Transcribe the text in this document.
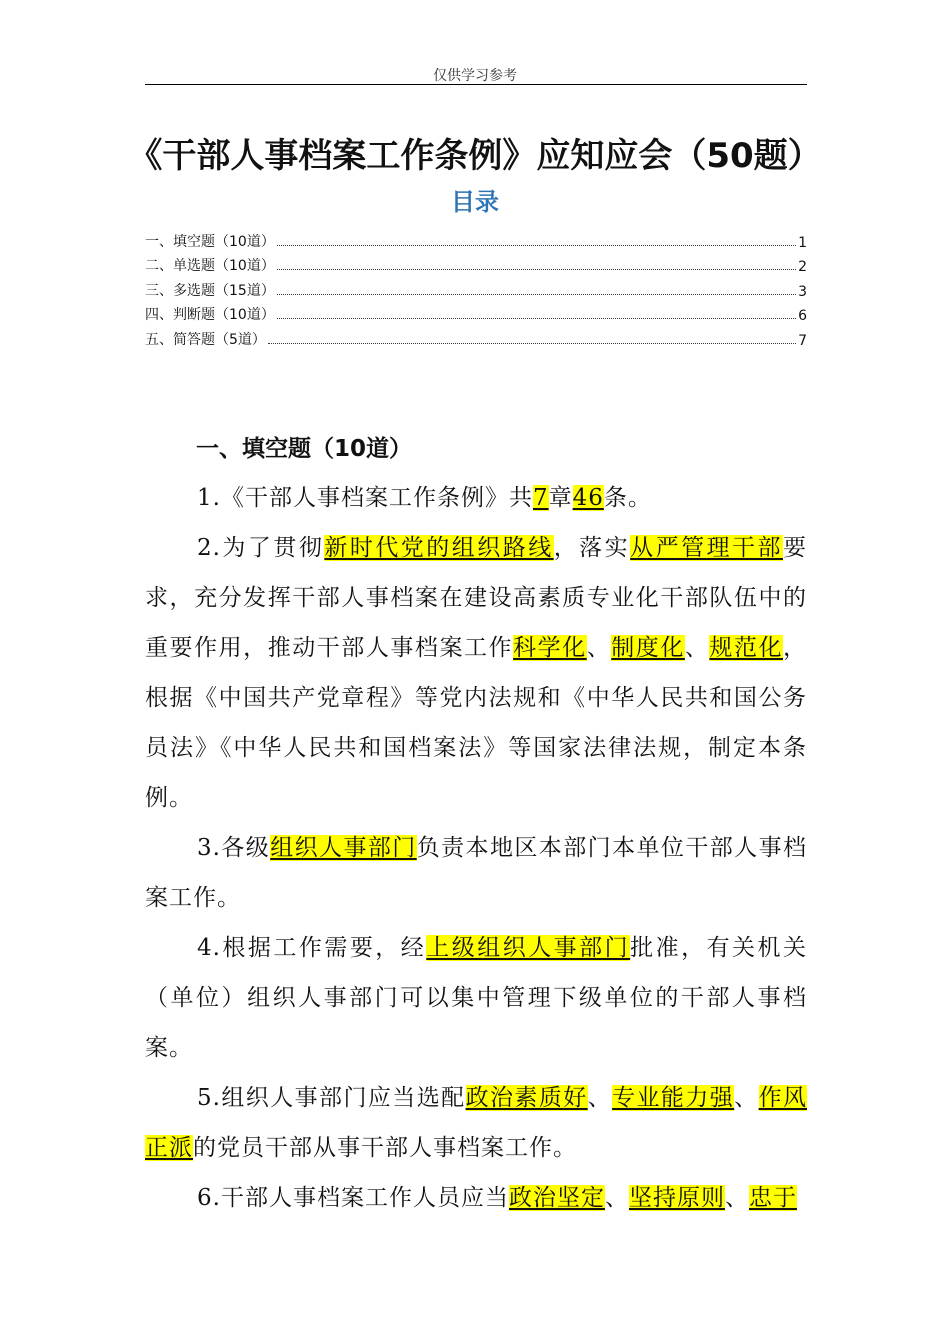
仅供学习参考
《干部人事档案工作条例》应知应会（50题）
目录
一、填空题（10道）	1
二、单选题（10道）	2
三、多选题（15道）	3
四、判断题（10道）	6
五、简答题（5道）	7
一、填空题（10道）

1.《干部人事档案工作条例》共7章46条。

2.为了贯彻新时代党的组织路线，落实从严管理干部要求，充分发挥干部人事档案在建设高素质专业化干部队伍中的重要作用，推动干部人事档案工作科学化、制度化、规范化，根据《中国共产党章程》等党内法规和《中华人民共和国公务员法》《中华人民共和国档案法》等国家法律法规，制定本条例。

3.各级组织人事部门负责本地区本部门本单位干部人事档案工作。

4.根据工作需要，经上级组织人事部门批准，有关机关（单位）组织人事部门可以集中管理下级单位的干部人事档案。

5.组织人事部门应当选配政治素质好、专业能力强、作风正派的党员干部从事干部人事档案工作。

6.干部人事档案工作人员应当政治坚定、坚持原则、忠于
